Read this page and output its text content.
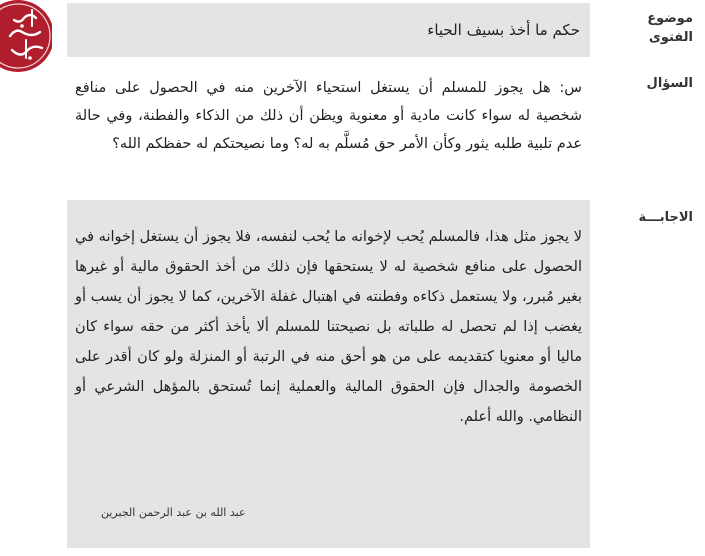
موضوع الفتوى
حكم ما أخذ بسيف الحياء
السؤال
س: هل يجوز للمسلم أن يستغل استحياء الآخرين منه في الحصول على منافع شخصية له سواء كانت مادية أو معنوية ويظن أن ذلك من الذكاء والفطنة، وفي حالة عدم تلبية طلبه يثور وكأن الأمر حق مُسلَّم به له؟ وما نصيحتكم له حفظكم الله؟
الاجابـــة
لا يجوز مثل هذا، فالمسلم يُحب لإخوانه ما يُحب لنفسه، فلا يجوز أن يستغل إخوانه في الحصول على منافع شخصية له لا يستحقها فإن ذلك من أخذ الحقوق مالية أو غيرها بغير مُبرر، ولا يستعمل ذكاءه وفطنته في اهتبال غفلة الآخرين، كما لا يجوز أن يسب أو يغضب إذا لم تحصل له طلباته بل نصيحتنا للمسلم ألا يأخذ أكثر من حقه سواء كان ماليا أو معنويا كتقديمه على من هو أحق منه في الرتبة أو المنزلة ولو كان أقدر على الخصومة والجدال فإن الحقوق المالية والعملية إنما تُستحق بالمؤهل الشرعي أو النظامي. والله أعلم.
عبد الله بن عبد الرحمن الجبرين
